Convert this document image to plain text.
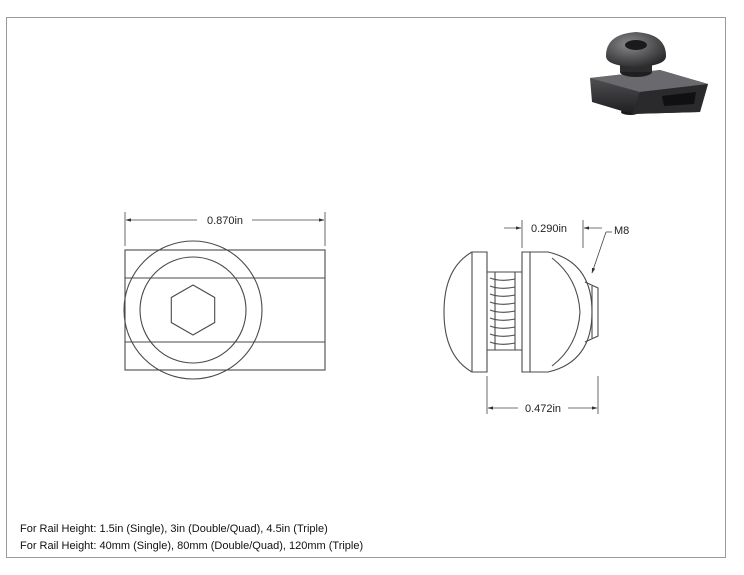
0.870in
0.290in	M8
0.472in
For Rail Height: 1.5in (Single), 3in (Double/Quad), 4.5in (Triple)
For Rail Height: 40mm (Single), 80mm (Double/Quad), 120mm (Triple)
